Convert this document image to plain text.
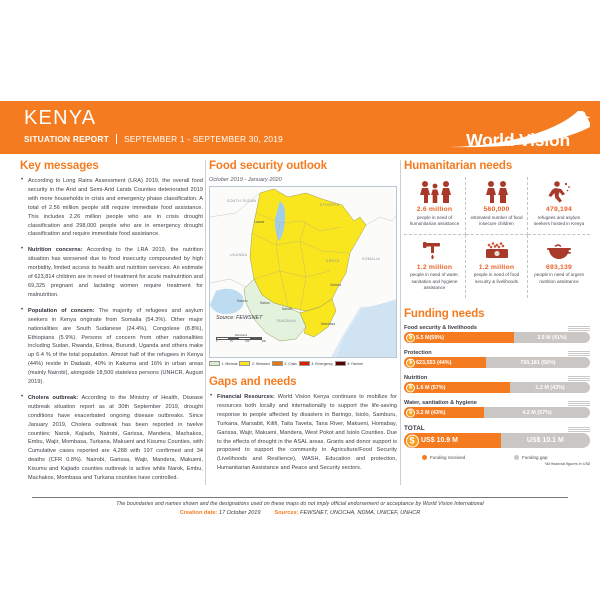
KENYA
SITUATION REPORT SEPTEMBER 1 - SEPTEMBER 30, 2019	World Vision
Key messages
• According to Long Rains Assessment (LRA) 2019, the overall food security in the Arid and Semi-Arid Lands Counties deteriorated 2019 with more households in crisis and emergency phase classification. A total of 2.56 million people still require immediate food assistance. This includes 2.26 million people who are in crisis drought classification and 298,000 people who are in emergency drought classification and require immediate food assistance.
• Nutrition concerns: According to the LRA 2019, the nutrition situation has worsened due to food insecurity compounded by high morbidity, limited access to health and nutrition services. An estimate of 623,814 children are in need of treatment for acute malnutrition and 69,325 pregnant and lactating women require treatment for malnutrition.
• Population of concern: The majority of refugees and asylum seekers in Kenya originate from Somalia (54.3%). Other major nationalities are South Sudanese (24.4%), Congolese (8.8%), Ethiopians (5.9%). Persons of concern from other nationalities including Sudan, Rwanda, Eritrea, Burundi, Uganda and others make up 6.4 % of the total population. Almost half of the refugees in Kenya (44%) reside in Dadaab, 40% in Kakuma and 16% in urban areas (mainly Nairobi), alongside 18,500 stateless persons (UNHCR, August 2019).
• Cholera outbreak: According to the Ministry of Health, Disease outbreak situation report as at 30th September 2019, drought conditions have exacerbated ongoing disease outbreaks. Since January 2019, Cholera outbreak has been reported in twelve counties; Narok, Kajiado, Nairobi, Garissa, Mandera, Machakos, Embu, Wajir, Mombasa, Turkana, Makueni and Kisumu Counties, with Cumulative cases reported are 4,288 with 197 confirmed and 34 deaths (CFR 0.8%). Nairobi, Garissa, Wajir, Mandera, Makueni, Kisumu and Kajiado counties outbreak is active while Narok, Embu, Machakos, Mombasa and Turkana counties have controlled.
Food security outlook
October 2019 - January 2020
SOUTH SUDAN
ETHIOPIA
UGANDA
SOMALIA
KENYA
TANZANIA
Lodwar
Garissa
Kisumu	Nakuru
Nairobi
Mombasa
Source: FEWSNET
Kilometers
0	75	150	300
1: Minimal	2: Stressed	3: Crisis	4: Emergency	5: Famine
Gaps and needs
• Financial Resources: World Vision Kenya continues to mobilize for resources both locally and internationally to support the life-saving response to people affected by disasters in Baringo, Isiolo, Samburu, Turkana, Marsabit, Kilifi, Taita Taveta, Tana River, Makueni, Homabay, Garissa, Wajir, Makueni, Mandera, West Pokot and Isiolo Counties. Due to the effects of drought in the ASAL areas. Grants and donor support is proposed to support the community in Agriculture/Food Security (Livelihoods and Resilience), WASH, Education and protection, Humanitarian Assistance and Peace and Security sectors.
Humanitarian needs
2.6 million
people in need of humanitarian assistance
560,000
estimated number of food insecure children
479,194
refugees and asylum seekers hosted in Kenya
1.2 million
people in need of water, sanitation and hygiene assistance
1.2 million
people in need of food security & livelihoods
693,139
people in need of urgent nutrition assistance
Funding needs
Food security & livelihoods
$ 5.5 M(59%)	3.9 M (41%)
Protection
$ 623,553 (44%)	790,181 (56%)
Nutrition
$ 1.6 M (57%)	1.2 M (43%)
Water, sanitation & hygiene
$ 3.2 M (43%)	4.2 M (57%)
TOTAL
$ US$ 10.9 M	US$ 10.1 M
Funding received	Funding gap
*All financial figures in US$
The boundaries and names shown and the designations used on these maps do not imply official endorsement or acceptance by World Vision International
Creation date: 17 October 2019	Sources: FEWSNET, UNOCHA, NDMA, UNICEF, UNHCR
